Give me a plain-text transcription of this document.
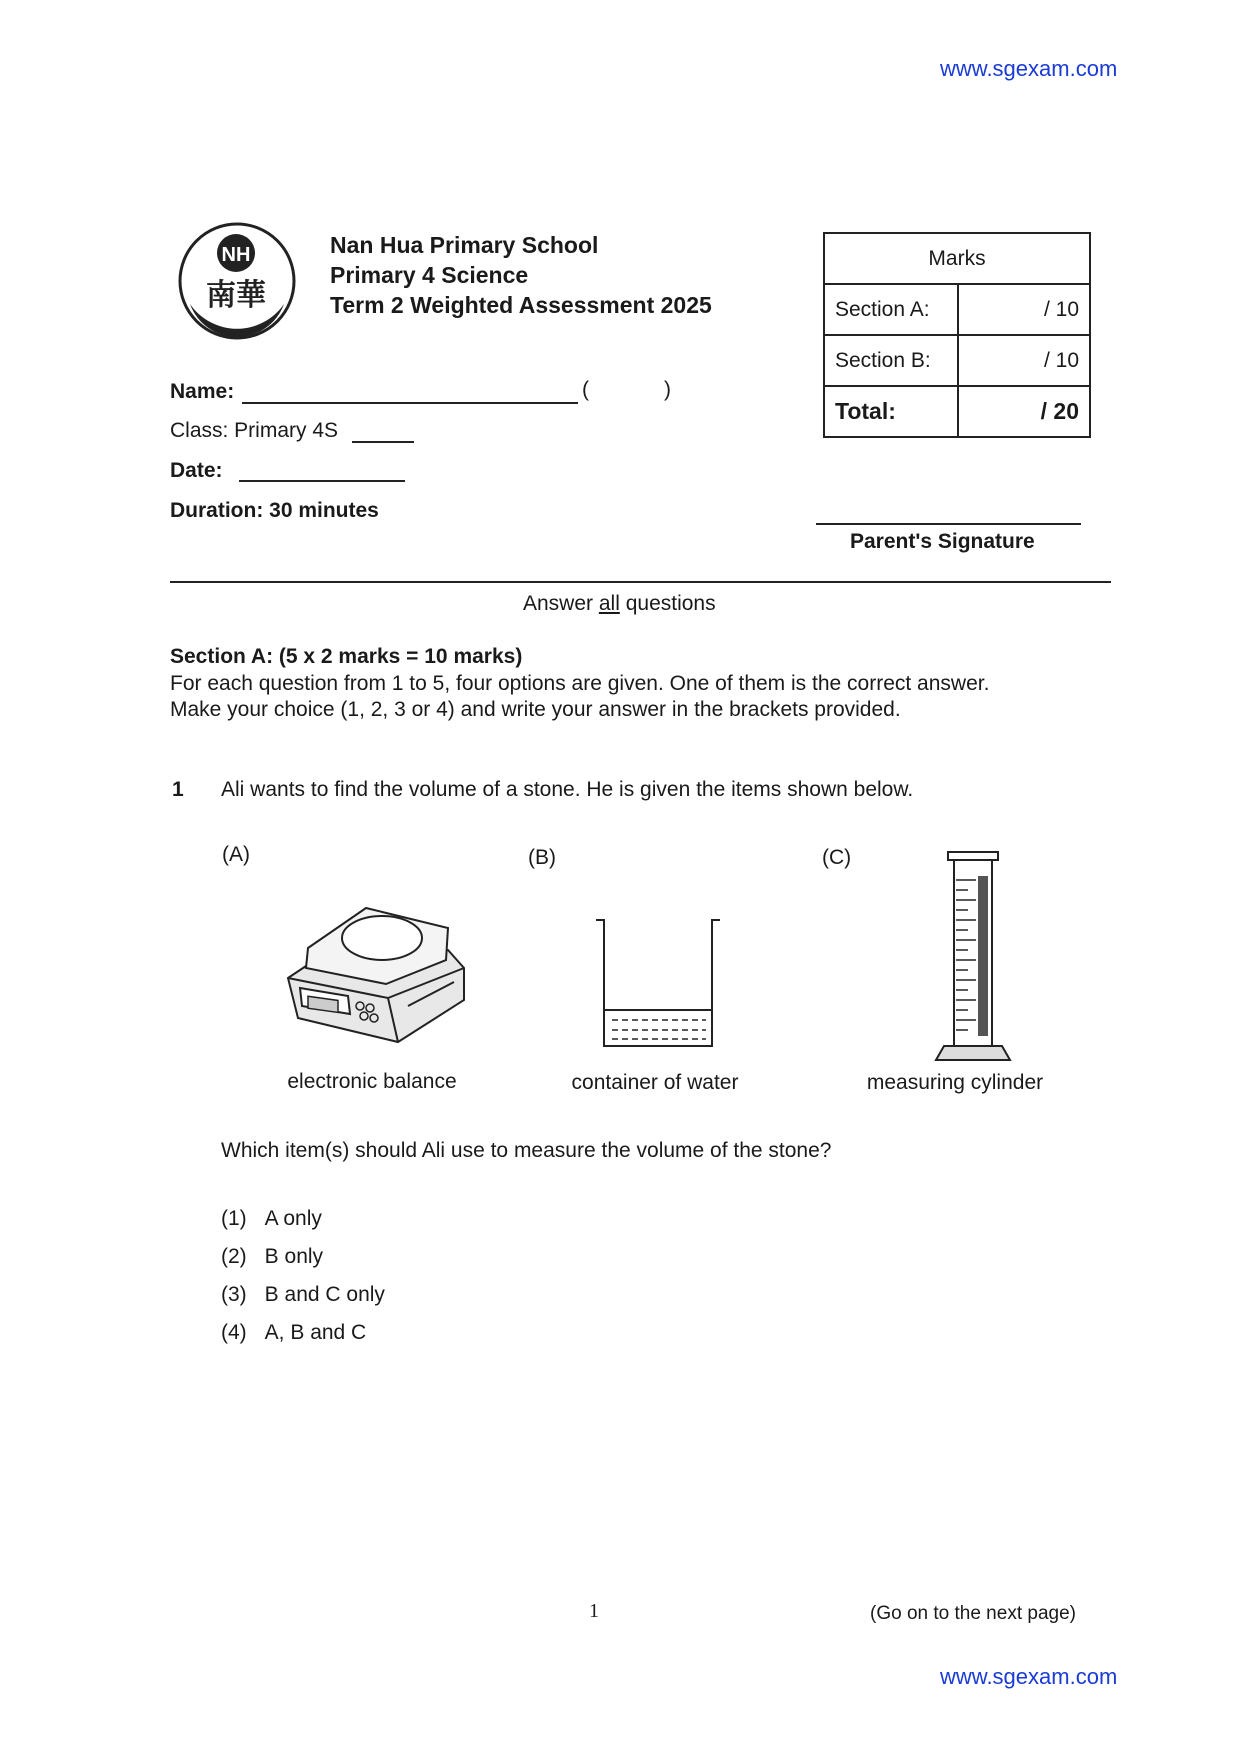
www.sgexam.com
NH
南華
Nan Hua Primary School
Primary 4 Science
Term 2 Weighted Assessment 2025
Marks	
Section A:	/ 10
Section B:	/ 10
Total:	/ 20
Name:	(	)
Class: Primary 4S
Date:
Duration: 30 minutes
Parent's Signature
Answer all questions
Section A: (5 x 2 marks = 10 marks)
For each question from 1 to 5, four options are given. One of them is the correct answer.
Make your choice (1, 2, 3 or 4) and write your answer in the brackets provided.
1 Ali wants to find the volume of a stone. He is given the items shown below.
(A)	(B)	(C)
electronic balance	container of water	measuring cylinder
Which item(s) should Ali use to measure the volume of the stone?
(1) A only
(2) B only
(3) B and C only
(4) A, B and C
1	(Go on to the next page)
www.sgexam.com
